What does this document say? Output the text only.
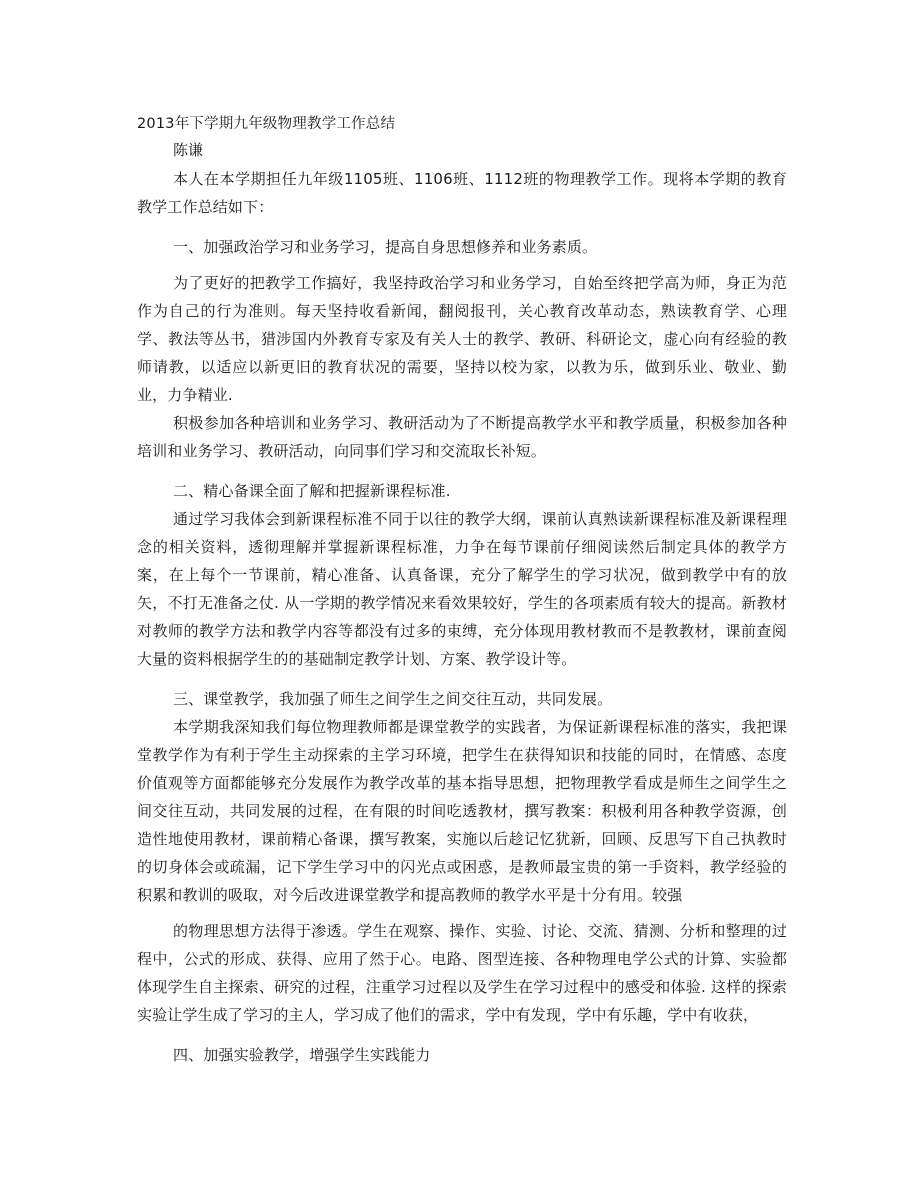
2013年下学期九年级物理教学工作总结

陈谦

本人在本学期担任九年级1105班、1106班、1112班的物理教学工作。现将本学期的教育教学工作总结如下：

一、加强政治学习和业务学习，提高自身思想修养和业务素质。

为了更好的把教学工作搞好，我坚持政治学习和业务学习，自始至终把学高为师，身正为范作为自己的行为准则。每天坚持收看新闻，翻阅报刊，关心教育改革动态，熟读教育学、心理学、教法等丛书，猎涉国内外教育专家及有关人士的教学、教研、科研论文，虚心向有经验的教师请教，以适应以新更旧的教育状况的需要，坚持以校为家，以教为乐，做到乐业、敬业、勤业，力争精业.

积极参加各种培训和业务学习、教研活动为了不断提高教学水平和教学质量，积极参加各种培训和业务学习、教研活动，向同事们学习和交流取长补短。

二、精心备课全面了解和把握新课程标准.

通过学习我体会到新课程标准不同于以往的教学大纲，课前认真熟读新课程标准及新课程理念的相关资料，透彻理解并掌握新课程标准，力争在每节课前仔细阅读然后制定具体的教学方案，在上每个一节课前，精心准备、认真备课，充分了解学生的学习状况，做到教学中有的放矢，不打无准备之仗. 从一学期的教学情况来看效果较好，学生的各项素质有较大的提高。新教材对教师的教学方法和教学内容等都没有过多的束缚，充分体现用教材教而不是教教材，课前查阅大量的资料根据学生的的基础制定教学计划、方案、教学设计等。

三、课堂教学，我加强了师生之间学生之间交往互动，共同发展。

本学期我深知我们每位物理教师都是课堂教学的实践者，为保证新课程标准的落实，我把课堂教学作为有利于学生主动探索的主学习环境，把学生在获得知识和技能的同时，在情感、态度价值观等方面都能够充分发展作为教学改革的基本指导思想，把物理教学看成是师生之间学生之间交往互动，共同发展的过程，在有限的时间吃透教材，撰写教案：积极利用各种教学资源，创造性地使用教材，课前精心备课，撰写教案，实施以后趁记忆犹新，回顾、反思写下自己执教时的切身体会或疏漏，记下学生学习中的闪光点或困惑，是教师最宝贵的第一手资料，教学经验的积累和教训的吸取，对今后改进课堂教学和提高教师的教学水平是十分有用。较强

的物理思想方法得于渗透。学生在观察、操作、实验、讨论、交流、猜测、分析和整理的过程中，公式的形成、获得、应用了然于心。电路、图型连接、各种物理电学公式的计算、实验都体现学生自主探索、研究的过程，注重学习过程以及学生在学习过程中的感受和体验. 这样的探索实验让学生成了学习的主人，学习成了他们的需求，学中有发现，学中有乐趣，学中有收获，

四、加强实验教学，增强学生实践能力
